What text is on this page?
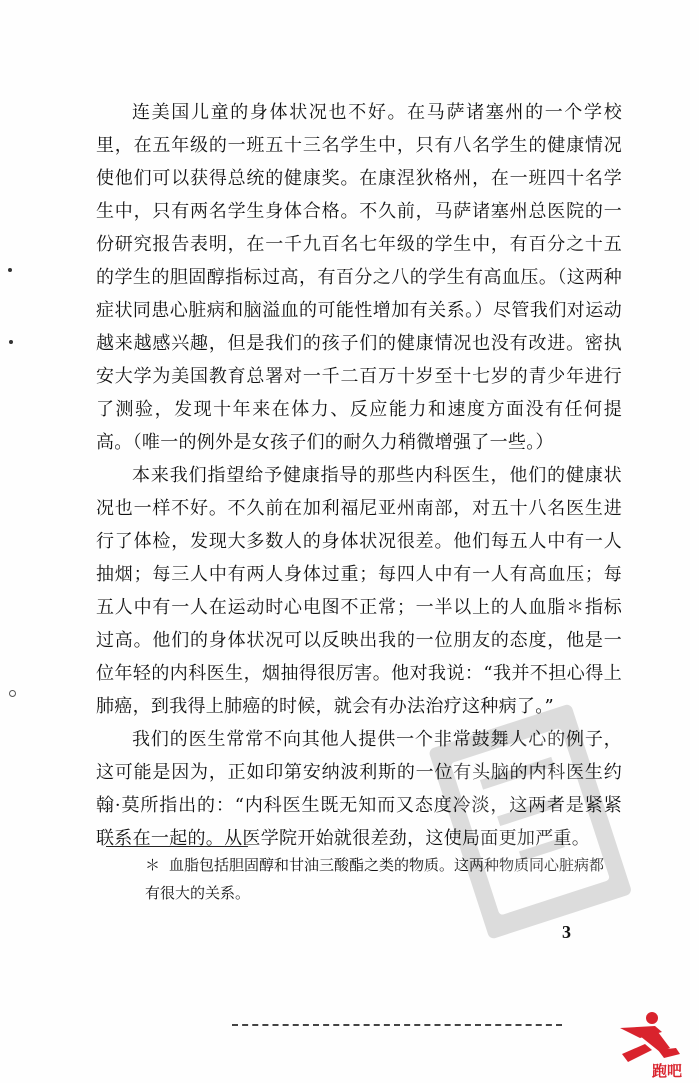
连美国儿童的身体状况也不好。在马萨诸塞州的一个学校里，在五年级的一班五十三名学生中，只有八名学生的健康情况使他们可以获得总统的健康奖。在康涅狄格州，在一班四十名学生中，只有两名学生身体合格。不久前，马萨诸塞州总医院的一份研究报告表明，在一千九百名七年级的学生中，有百分之十五的学生的胆固醇指标过高，有百分之八的学生有高血压。（这两种症状同患心脏病和脑溢血的可能性增加有关系。）尽管我们对运动越来越感兴趣，但是我们的孩子们的健康情况也没有改进。密执安大学为美国教育总署对一千二百万十岁至十七岁的青少年进行了测验，发现十年来在体力、反应能力和速度方面没有任何提高。（唯一的例外是女孩子们的耐久力稍微增强了一些。）

本来我们指望给予健康指导的那些内科医生，他们的健康状况也一样不好。不久前在加利福尼亚州南部，对五十八名医生进行了体检，发现大多数人的身体状况很差。他们每五人中有一人抽烟；每三人中有两人身体过重；每四人中有一人有高血压；每五人中有一人在运动时心电图不正常；一半以上的人血脂＊指标过高。他们的身体状况可以反映出我的一位朋友的态度，他是一位年轻的内科医生，烟抽得很厉害。他对我说：“我并不担心得上肺癌，到我得上肺癌的时候，就会有办法治疗这种病了。”

我们的医生常常不向其他人提供一个非常鼓舞人心的例子，这可能是因为，正如印第安纳波利斯的一位有头脑的内科医生约翰·莫所指出的：“内科医生既无知而又态度冷淡，这两者是紧紧联系在一起的。从医学院开始就很差劲，这使局面更加严重。

＊ 血脂包括胆固醇和甘油三酸酯之类的物质。这两种物质同心脏病都有很大的关系。

3
跑吧
